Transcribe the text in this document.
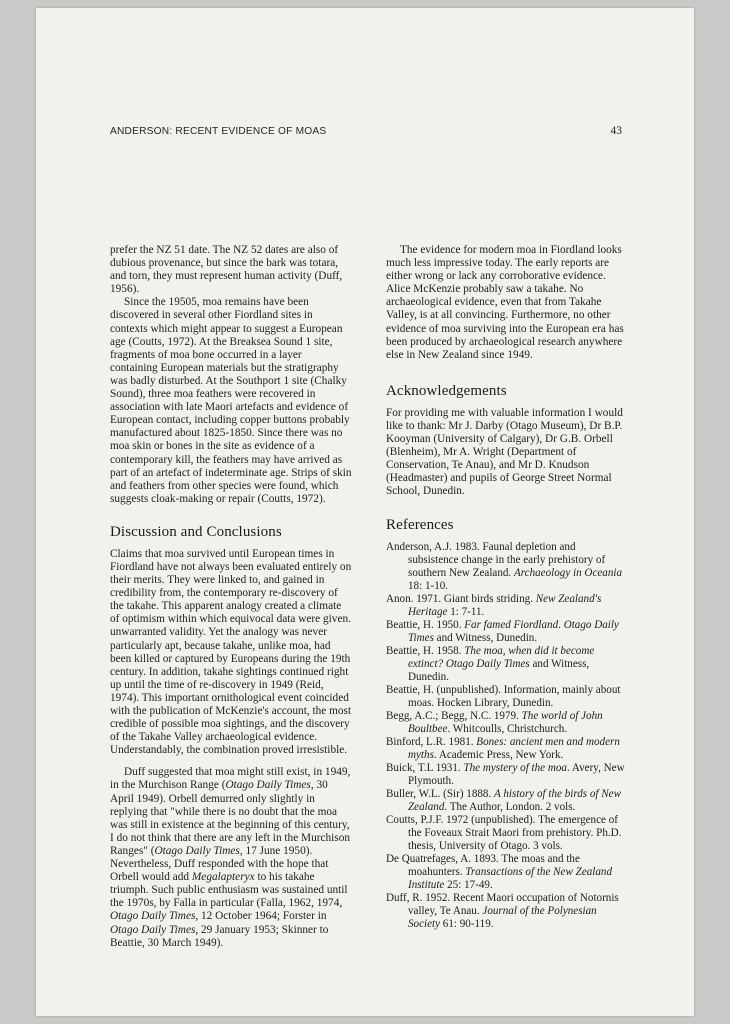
ANDERSON: RECENT EVIDENCE OF MOAS	43

prefer the NZ 51 date. The NZ 52 dates are also of dubious provenance, but since the bark was totara, and torn, they must represent human activity (Duff, 1956).

Since the 19505, moa remains have been discovered in several other Fiordland sites in contexts which might appear to suggest a European age (Coutts, 1972). At the Breaksea Sound 1 site, fragments of moa bone occurred in a layer containing European materials but the stratigraphy was badly disturbed. At the Southport 1 site (Chalky Sound), three moa feathers were recovered in association with late Maori artefacts and evidence of European contact, including copper buttons probably manufactured about 1825-1850. Since there was no moa skin or bones in the site as evidence of a contemporary kill, the feathers may have arrived as part of an artefact of indeterminate age. Strips of skin and feathers from other species were found, which suggests cloak-making or repair (Coutts, 1972).

Discussion and Conclusions

Claims that moa survived until European times in Fiordland have not always been evaluated entirely on their merits. They were linked to, and gained in credibility from, the contemporary re-discovery of the takahe. This apparent analogy created a climate of optimism within which equivocal data were given. unwarranted validity. Yet the analogy was never particularly apt, because takahe, unlike moa, had been killed or captured by Europeans during the 19th century. In addition, takahe sightings continued right up until the time of re-discovery in 1949 (Reid, 1974). This important ornithological event coincided with the publication of McKenzie's account, the most credible of possible moa sightings, and the discovery of the Takahe Valley archaeological evidence. Understandably, the combination proved irresistible.

Duff suggested that moa might still exist, in 1949, in the Murchison Range (Otago Daily Times, 30 April 1949). Orbell demurred only slightly in replying that "while there is no doubt that the moa was still in existence at the beginning of this century, I do not think that there are any left in the Murchison Ranges" (Otago Daily Times, 17 June 1950). Nevertheless, Duff responded with the hope that Orbell would add Megalapteryx to his takahe triumph. Such public enthusiasm was sustained until the 1970s, by Falla in particular (Falla, 1962, 1974, Otago Daily Times, 12 October 1964; Forster in Otago Daily Times, 29 January 1953; Skinner to Beattie, 30 March 1949).

The evidence for modern moa in Fiordland looks much less impressive today. The early reports are either wrong or lack any corroborative evidence. Alice McKenzie probably saw a takahe. No archaeological evidence, even that from Takahe Valley, is at all convincing. Furthermore, no other evidence of moa surviving into the European era has been produced by archaeological research anywhere else in New Zealand since 1949.

Acknowledgements

For providing me with valuable information I would like to thank: Mr J. Darby (Otago Museum), Dr B.P. Kooyman (University of Calgary), Dr G.B. Orbell (Blenheim), Mr A. Wright (Department of Conservation, Te Anau), and Mr D. Knudson (Headmaster) and pupils of George Street Normal School, Dunedin.

References

Anderson, A.J. 1983. Faunal depletion and subsistence change in the early prehistory of southern New Zealand. Archaeology in Oceania 18: 1-10.

Anon. 1971. Giant birds striding. New Zealand's Heritage 1: 7-11.

Beattie, H. 1950. Far famed Fiordland. Otago Daily Times and Witness, Dunedin.

Beattie, H. 1958. The moa, when did it become extinct? Otago Daily Times and Witness, Dunedin.

Beattie, H. (unpublished). Information, mainly about moas. Hocken Library, Dunedin.

Begg, A.C.; Begg, N.C. 1979. The world of John Boultbee. Whitcoulls, Christchurch.

Binford, L.R. 1981. Bones: ancient men and modern myths. Academic Press, New York.

Buick, T.L 1931. The mystery of the moa. Avery, New Plymouth.

Buller, W.L. (Sir) 1888. A history of the birds of New Zealand. The Author, London. 2 vols.

Coutts, P.J.F. 1972 (unpublished). The emergence of the Foveaux Strait Maori from prehistory. Ph.D. thesis, University of Otago. 3 vols.

De Quatrefages, A. 1893. The moas and the moahunters. Transactions of the New Zealand Institute 25: 17-49.

Duff, R. 1952. Recent Maori occupation of Notornis valley, Te Anau. Journal of the Polynesian Society 61: 90-119.
